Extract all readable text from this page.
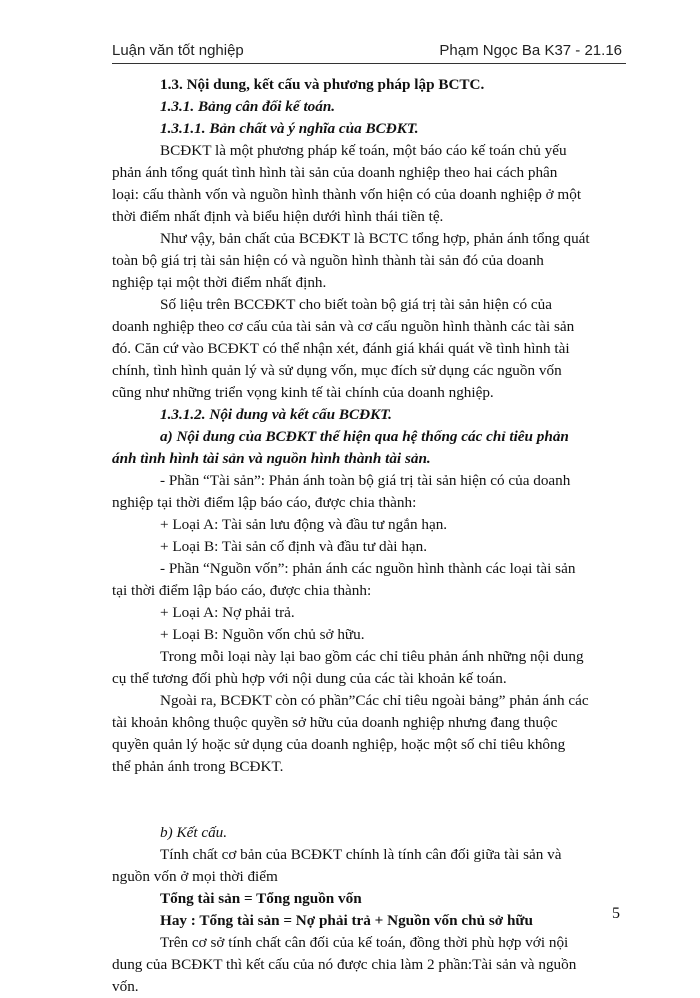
Luận văn tốt nghiệp	Phạm Ngọc Ba K37 - 21.16

1.3. Nội dung, kết cấu và phương pháp lập BCTC.

1.3.1. Bảng cân đối kế toán.

1.3.1.1. Bản chất và ý nghĩa của BCĐKT.

BCĐKT là một phương pháp kế toán, một báo cáo kế toán chủ yếu

phản ánh tổng quát tình hình tài sản của doanh nghiệp theo hai cách phân

loại: cấu thành vốn và nguồn hình thành vốn hiện có của doanh nghiệp ở một

thời điểm nhất định và biểu hiện dưới hình thái tiền tệ.

Như vậy, bản chất của BCĐKT là BCTC tổng hợp, phản ánh tổng quát

toàn bộ giá trị tài sản hiện có và nguồn hình thành tài sản đó của doanh

nghiệp tại một thời điểm nhất định.

Số liệu trên BCCĐKT cho biết toàn bộ giá trị tài sản hiện có của

doanh nghiệp theo cơ cấu của tài sản và cơ cấu nguồn hình thành các tài sản

đó. Căn cứ vào BCĐKT có thể nhận xét, đánh giá khái quát về tình hình tài

chính, tình hình quản lý và sử dụng vốn, mục đích sử dụng các nguồn vốn

cũng như những triển vọng kinh tế tài chính của doanh nghiệp.

1.3.1.2. Nội dung và kết cấu BCĐKT.

a) Nội dung của BCĐKT thể hiện qua hệ thống các chỉ tiêu phản

ánh tình hình tài sản và nguồn hình thành tài sản.

- Phần “Tài sản”: Phản ánh toàn bộ giá trị tài sản hiện có của doanh

nghiệp tại thời điểm lập báo cáo, được chia thành:

+ Loại A: Tài sản lưu động và đầu tư ngắn hạn.

+ Loại B: Tài sản cố định và đầu tư dài hạn.

- Phần “Nguồn vốn”: phản ánh các nguồn hình thành các loại tài sản

tại thời điểm lập báo cáo, được chia thành:

+ Loại A: Nợ phải trả.

+ Loại B: Nguồn vốn chủ sở hữu.

Trong mỗi loại này lại bao gồm các chỉ tiêu phản ánh những nội dung

cụ thể tương đối phù hợp với nội dung của các tài khoản kế toán.

Ngoài ra, BCĐKT còn có phần”Các chỉ tiêu ngoài bảng” phản ánh các

tài khoản không thuộc quyền sở hữu của doanh nghiệp nhưng đang thuộc

quyền quản lý hoặc sử dụng của doanh nghiệp, hoặc một số chỉ tiêu không

thể phản ánh trong BCĐKT.

b) Kết cấu.

Tính chất cơ bản của BCĐKT chính là tính cân đối giữa tài sản và

nguồn vốn ở mọi thời điểm

Tổng tài sản = Tổng nguồn vốn

Hay : Tổng tài sản = Nợ phải trả + Nguồn vốn chủ sở hữu

Trên cơ sở tính chất cân đối của kế toán, đồng thời phù hợp với nội

dung của BCĐKT thì kết cấu của nó được chia làm 2 phần:Tài sản và nguồn

vốn.

5
